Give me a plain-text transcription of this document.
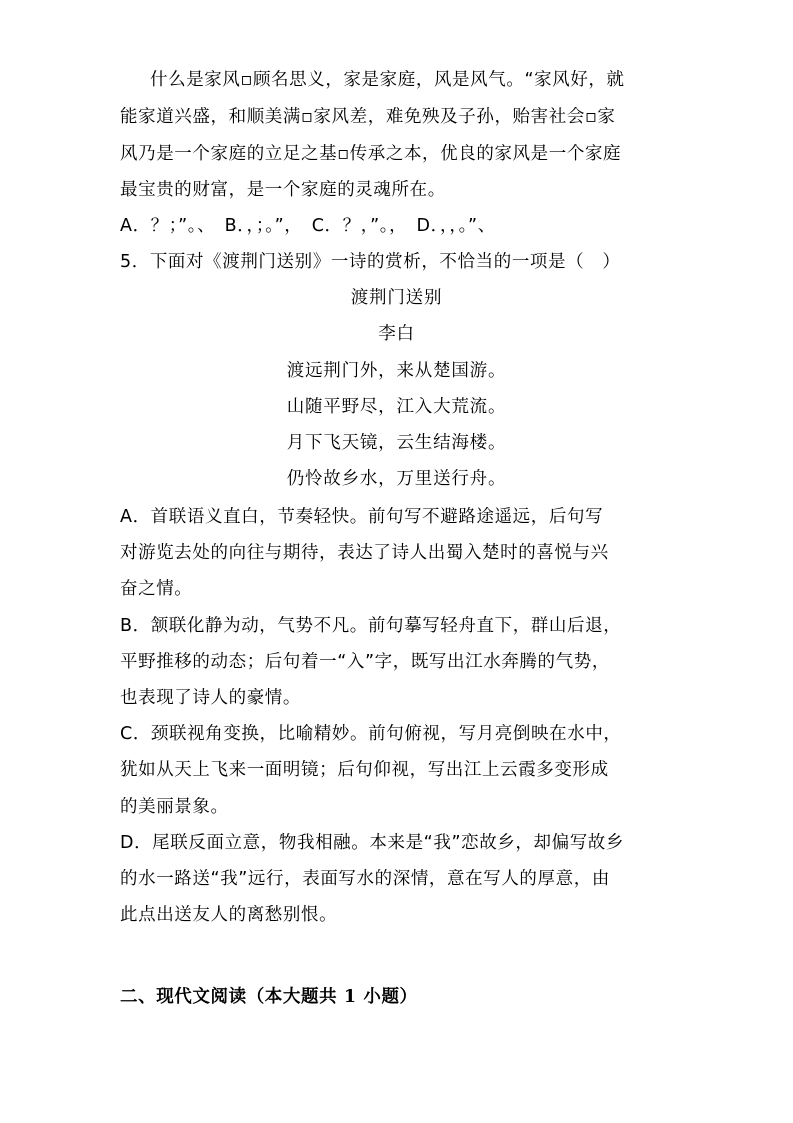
什么是家风▫顾名思义，家是家庭，风是风气。“家风好，就
能家道兴盛，和顺美满▫家风差，难免殃及子孙，贻害社会▫家
风乃是一个家庭的立足之基▫传承之本，优良的家风是一个家庭
最宝贵的财富，是一个家庭的灵魂所在。
A．？；”。、　B．，；。”，　C．？，”。，　D．，，。”、
5．下面对《渡荆门送别》一诗的赏析，不恰当的一项是（　）
渡荆门送别
李白
渡远荆门外，来从楚国游。
山随平野尽，江入大荒流。
月下飞天镜，云生结海楼。
仍怜故乡水，万里送行舟。
A．首联语义直白，节奏轻快。前句写不避路途遥远，后句写
对游览去处的向往与期待，表达了诗人出蜀入楚时的喜悦与兴
奋之情。
B．颔联化静为动，气势不凡。前句摹写轻舟直下，群山后退，
平野推移的动态；后句着一“入”字，既写出江水奔腾的气势，
也表现了诗人的豪情。
C．颈联视角变换，比喻精妙。前句俯视，写月亮倒映在水中，
犹如从天上飞来一面明镜；后句仰视，写出江上云霞多变形成
的美丽景象。
D．尾联反面立意，物我相融。本来是“我”恋故乡，却偏写故乡
的水一路送“我”远行，表面写水的深情，意在写人的厚意，由
此点出送友人的离愁别恨。
二、现代文阅读（本大题共 1 小题）
